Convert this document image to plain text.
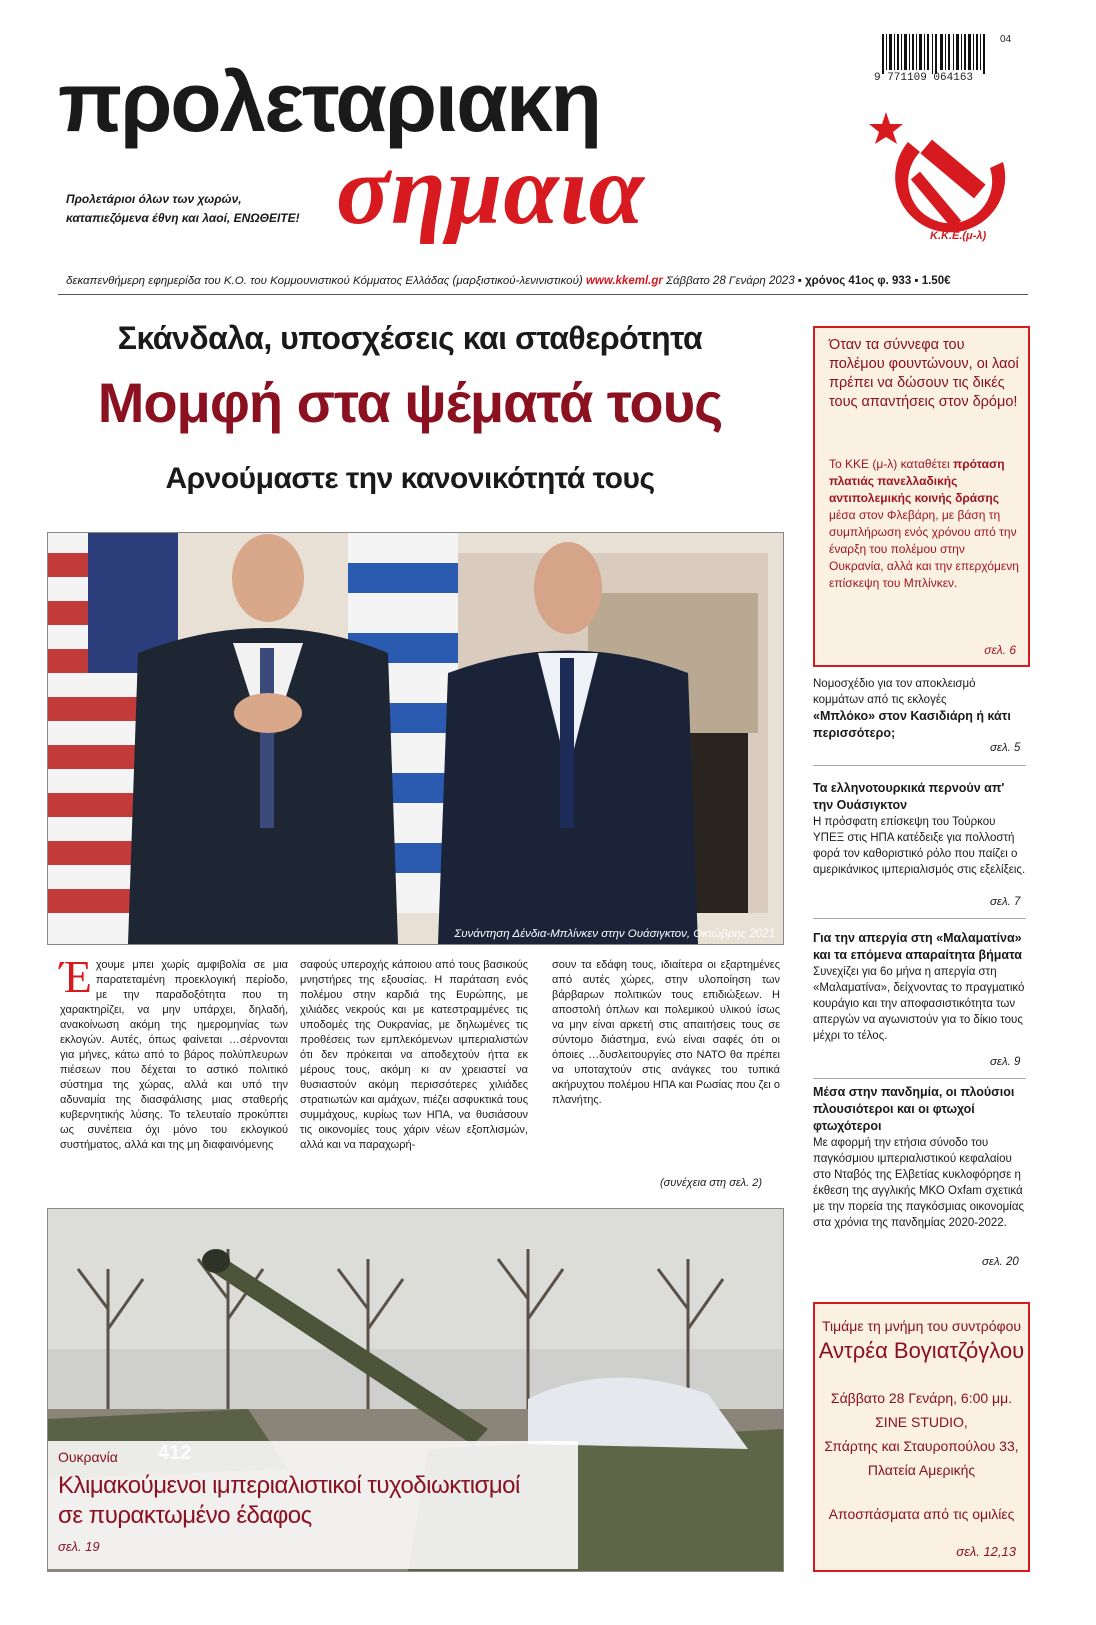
προλεταριακη
σημαια
Προλετάριοι όλων των χωρών,
καταπιεζόμενα έθνη και λαοί, ΕΝΩΘΕΙΤΕ!
9 771109 064163
04
Κ.Κ.Ε.(μ-λ)
δεκαπενθήμερη εφημερίδα του Κ.Ο. του Κομμουνιστικού Κόμματος Ελλάδας (μαρξιστικού-λενινιστικού) www.kkeml.gr Σάββατο 28 Γενάρη 2023 ▪ χρόνος 41ος φ. 933 ▪ 1.50€
Σκάνδαλα, υποσχέσεις και σταθερότητα
Μομφή στα ψέματά τους
Αρνούμαστε την κανονικότητά τους
Συνάντηση Δένδια-Μπλίνκεν στην Ουάσιγκτον, Οκτώβρης 2021
Έ χουμε μπει χωρίς αμφιβολία σε μια παρατεταμένη προεκλογική περίοδο, με την παραδοξότητα που τη χαρακτηρίζει, να μην υπάρχει, δηλαδή, ανακοίνωση ακόμη της ημερομηνίας των εκλογών. Αυτές, όπως φαίνεται …σέρνονται για μήνες, κάτω από το βάρος πολύπλευρων πιέσεων που δέχεται το αστικό πολιτικό σύστημα της χώρας, αλλά και υπό την αδυναμία της διασφάλισης μιας σταθερής κυβερνητικής λύσης. Το τελευταίο προκύπτει ως συνέπεια όχι μόνο του εκλογικού συστήματος, αλλά και της μη διαφαινόμενης
σαφούς υπεροχής κάποιου από τους βασικούς μνηστήρες της εξουσίας. Η παράταση ενός πολέμου στην καρδιά της Ευρώπης, με χιλιάδες νεκρούς και με κατεστραμμένες τις υποδομές της Ουκρανίας, με δηλωμένες τις προθέσεις των εμπλεκόμενων ιμπεριαλιστών ότι δεν πρόκειται να αποδεχτούν ήττα εκ μέρους τους, ακόμη κι αν χρειαστεί να θυσιαστούν ακόμη περισσότερες χιλιάδες στρατιωτών και αμάχων, πιέζει ασφυκτικά τους συμμάχους, κυρίως των ΗΠΑ, να θυσιάσουν τις οικονομίες τους χάριν νέων εξοπλισμών, αλλά και να παραχωρή-
σουν τα εδάφη τους, ιδιαίτερα οι εξαρτημένες από αυτές χώρες, στην υλοποίηση των βάρβαρων πολιτικών τους επιδιώξεων. Η αποστολή όπλων και πολεμικού υλικού ίσως να μην είναι αρκετή στις απαιτήσεις τους σε σύντομο διάστημα, ενώ είναι σαφές ότι οι όποιες …δυσλειτουργίες στο ΝΑΤΟ θα πρέπει να υποταχτούν στις ανάγκες του τυπικά ακήρυχτου πολέμου ΗΠΑ και Ρωσίας που ζει ο πλανήτης.
(συνέχεια στη σελ. 2)
Ουκρανία
Κλιμακούμενοι ιμπεριαλιστικοί τυχοδιωκτισμοί
σε πυρακτωμένο έδαφος
σελ. 19
Όταν τα σύννεφα του πολέμου φουντώνουν, οι λαοί πρέπει να δώσουν τις δικές τους απαντήσεις στον δρόμο!
Το ΚΚΕ (μ-λ) καταθέτει πρόταση πλατιάς πανελλαδικής αντιπολεμικής κοινής δράσης μέσα στον Φλεβάρη, με βάση τη συμπλήρωση ενός χρόνου από την έναρξη του πολέμου στην Ουκρανία, αλλά και την επερχόμενη επίσκεψη του Μπλίνκεν.
σελ. 6
Νομοσχέδιο για τον αποκλεισμό κομμάτων από τις εκλογές
«Μπλόκο» στον Κασιδιάρη ή κάτι περισσότερο;
σελ. 5
Τα ελληνοτουρκικά περνούν απ' την Ουάσιγκτον
Η πρόσφατη επίσκεψη του Τούρκου ΥΠΕΞ στις ΗΠΑ κατέδειξε για πολλοστή φορά τον καθοριστικό ρόλο που παίζει ο αμερικάνικος ιμπεριαλισμός στις εξελίξεις.
σελ. 7
Για την απεργία στη «Μαλαματίνα» και τα επόμενα απαραίτητα βήματα
Συνεχίζει για 6ο μήνα η απεργία στη «Μαλαματίνα», δείχνοντας το πραγματικό κουράγιο και την αποφασιστικότητα των απεργών να αγωνιστούν για το δίκιο τους μέχρι το τέλος.
σελ. 9
Μέσα στην πανδημία, οι πλούσιοι πλουσιότεροι και οι φτωχοί φτωχότεροι
Με αφορμή την ετήσια σύνοδο του παγκόσμιου ιμπεριαλιστικού κεφαλαίου στο Νταβός της Ελβετίας κυκλοφόρησε η έκθεση της αγγλικής ΜΚΟ Oxfam σχετικά με την πορεία της παγκόσμιας οικονομίας στα χρόνια της πανδημίας 2020-2022.
σελ. 20
Τιμάμε τη μνήμη του συντρόφου
Αντρέα Βογιατζόγλου
Σάββατο 28 Γενάρη, 6:00 μμ.
ΣΙΝΕ STUDIO,
Σπάρτης και Σταυροπούλου 33,
Πλατεία Αμερικής
Αποσπάσματα από τις ομιλίες
σελ. 12,13
